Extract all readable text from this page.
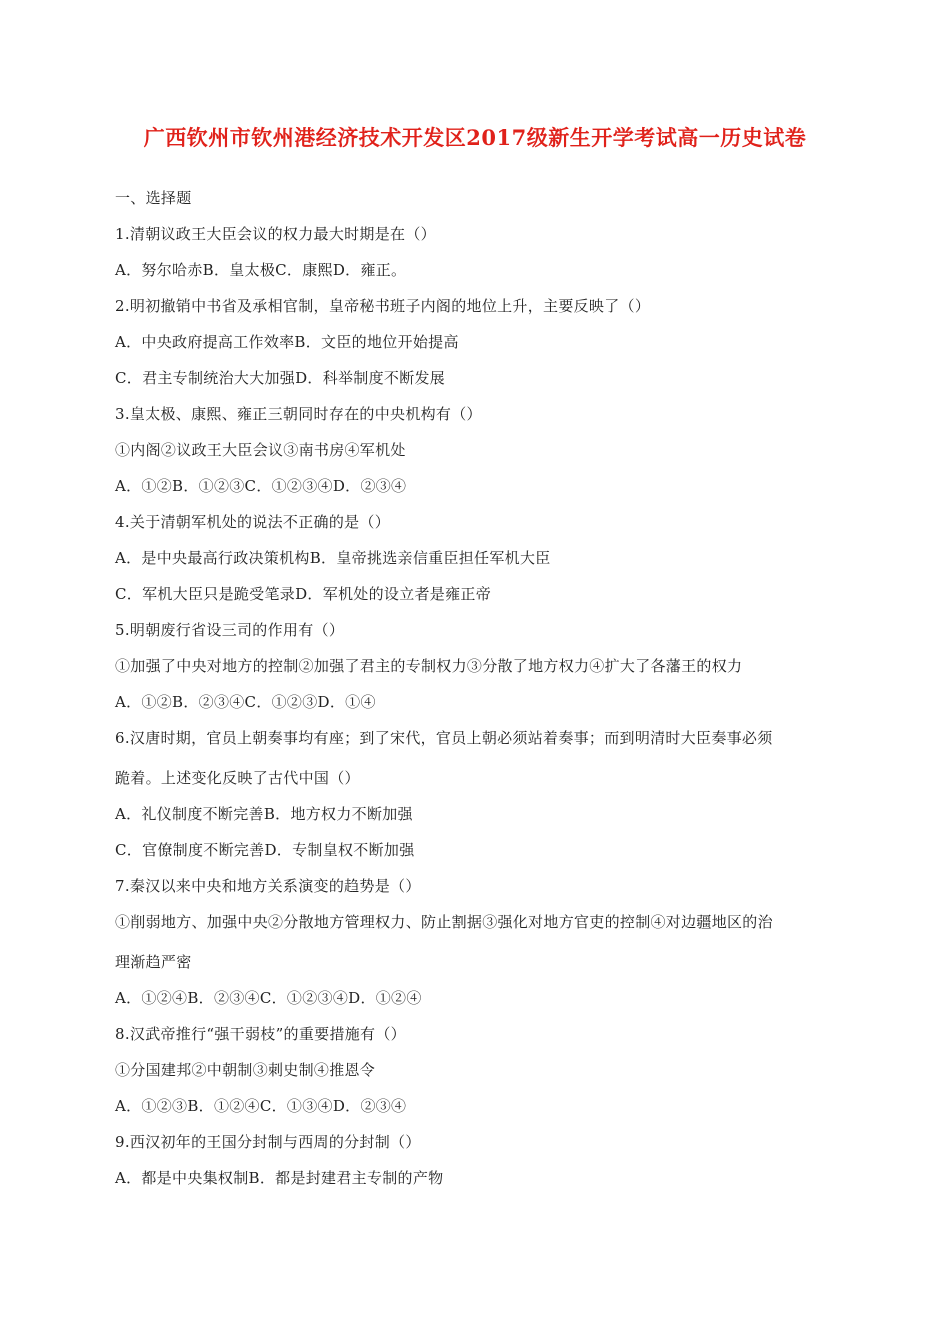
广西钦州市钦州港经济技术开发区2017级新生开学考试高一历史试卷
一、选择题
1.清朝议政王大臣会议的权力最大时期是在（）
A．努尔哈赤B．皇太极C．康熙D．雍正。
2.明初撤销中书省及承相官制，皇帝秘书班子内阁的地位上升，主要反映了（）
A．中央政府提高工作效率B．文臣的地位开始提高
C．君主专制统治大大加强D．科举制度不断发展
3.皇太极、康熙、雍正三朝同时存在的中央机构有（）
①内阁②议政王大臣会议③南书房④军机处
A．①②B．①②③C．①②③④D．②③④
4.关于清朝军机处的说法不正确的是（）
A．是中央最高行政决策机构B．皇帝挑选亲信重臣担任军机大臣
C．军机大臣只是跪受笔录D．军机处的设立者是雍正帝
5.明朝废行省设三司的作用有（）
①加强了中央对地方的控制②加强了君主的专制权力③分散了地方权力④扩大了各藩王的权力
A．①②B．②③④C．①②③D．①④
6.汉唐时期，官员上朝奏事均有座；到了宋代，官员上朝必须站着奏事；而到明清时大臣奏事必须
跪着。上述变化反映了古代中国（）
A．礼仪制度不断完善B．地方权力不断加强
C．官僚制度不断完善D．专制皇权不断加强
7.秦汉以来中央和地方关系演变的趋势是（）
①削弱地方、加强中央②分散地方管理权力、防止割据③强化对地方官吏的控制④对边疆地区的治
理渐趋严密
A．①②④B．②③④C．①②③④D．①②④
8.汉武帝推行“强干弱枝”的重要措施有（）
①分国建邦②中朝制③刺史制④推恩令
A．①②③B．①②④C．①③④D．②③④
9.西汉初年的王国分封制与西周的分封制（）
A．都是中央集权制B．都是封建君主专制的产物
